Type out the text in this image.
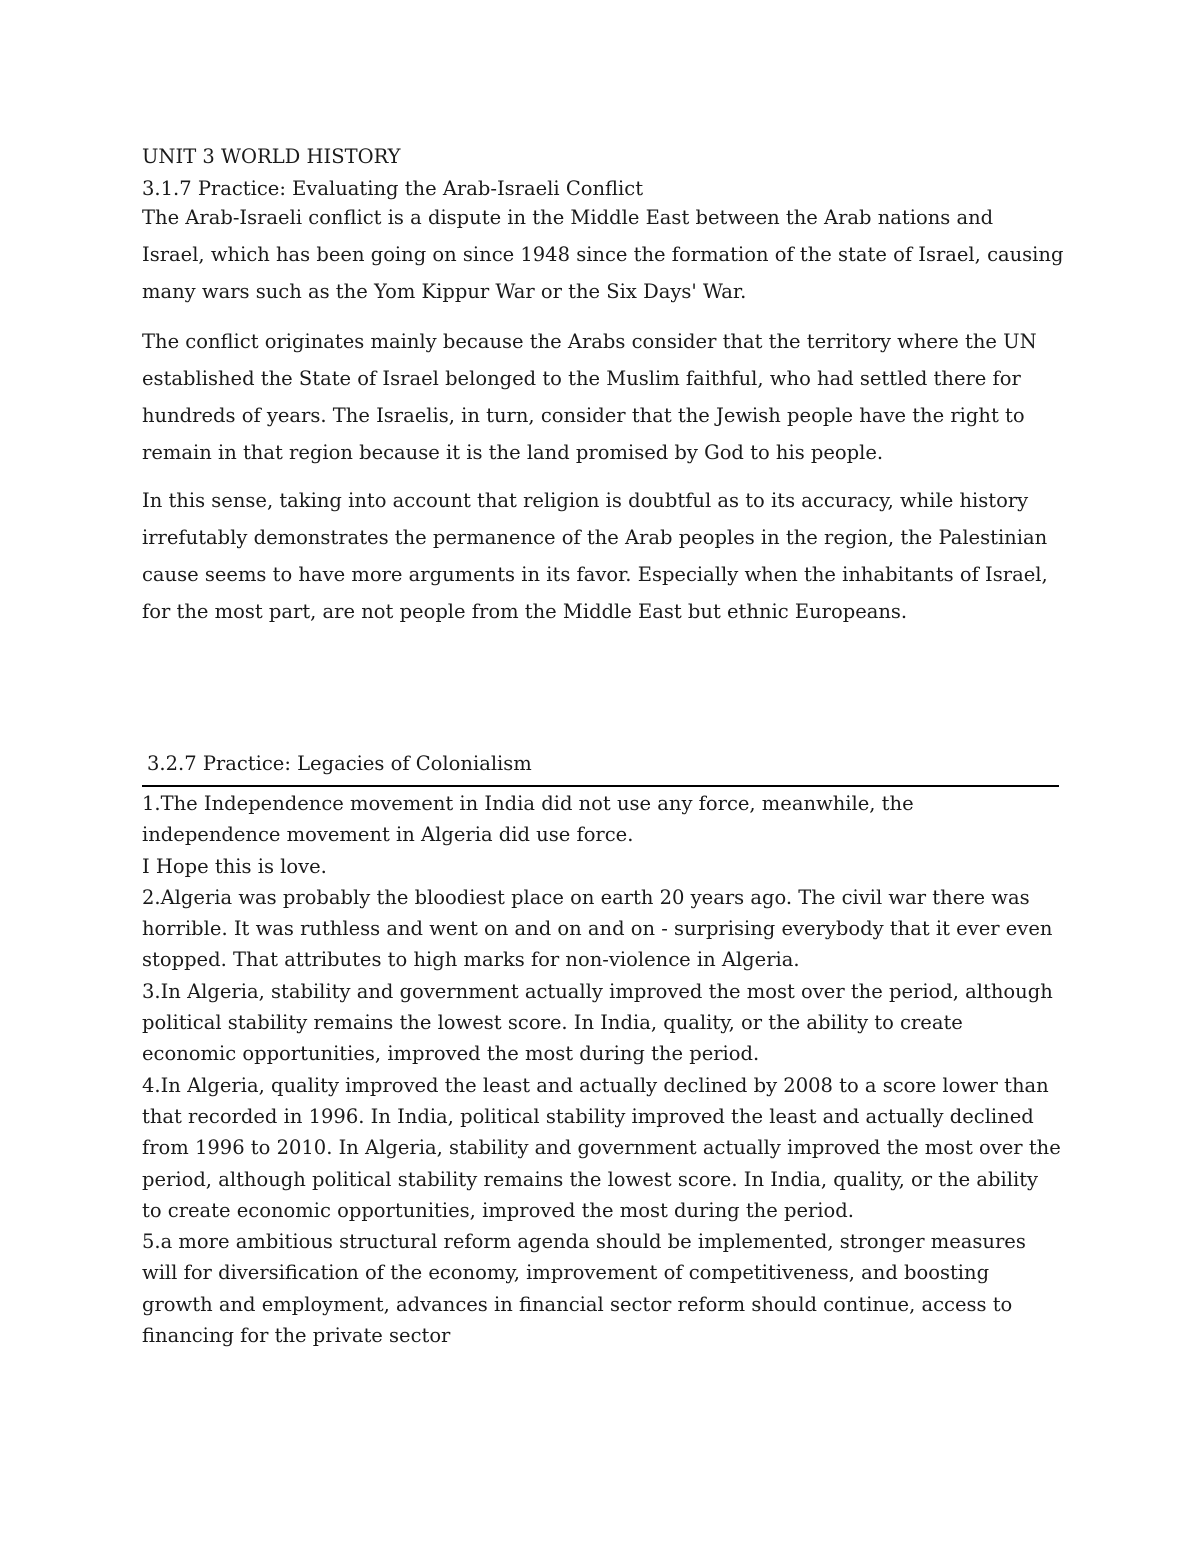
UNIT 3 WORLD HISTORY
3.1.7 Practice: Evaluating the Arab-Israeli Conflict
The Arab-Israeli conflict is a dispute in the Middle East between the Arab nations and
Israel, which has been going on since 1948 since the formation of the state of Israel, causing
many wars such as the Yom Kippur War or the Six Days' War.
The conflict originates mainly because the Arabs consider that the territory where the UN
established the State of Israel belonged to the Muslim faithful, who had settled there for
hundreds of years. The Israelis, in turn, consider that the Jewish people have the right to
remain in that region because it is the land promised by God to his people.
In this sense, taking into account that religion is doubtful as to its accuracy, while history
irrefutably demonstrates the permanence of the Arab peoples in the region, the Palestinian
cause seems to have more arguments in its favor. Especially when the inhabitants of Israel,
for the most part, are not people from the Middle East but ethnic Europeans.
3.2.7 Practice: Legacies of Colonialism
1.The Independence movement in India did not use any force, meanwhile, the
independence movement in Algeria did use force.
I Hope this is love.
2.Algeria was probably the bloodiest place on earth 20 years ago. The civil war there was
horrible. It was ruthless and went on and on and on - surprising everybody that it ever even
stopped. That attributes to high marks for non-violence in Algeria.
3.In Algeria, stability and government actually improved the most over the period, although
political stability remains the lowest score. In India, quality, or the ability to create
economic opportunities, improved the most during the period.
4.In Algeria, quality improved the least and actually declined by 2008 to a score lower than
that recorded in 1996. In India, political stability improved the least and actually declined
from 1996 to 2010. In Algeria, stability and government actually improved the most over the
period, although political stability remains the lowest score. In India, quality, or the ability
to create economic opportunities, improved the most during the period.
5.a more ambitious structural reform agenda should be implemented, stronger measures
will for diversification of the economy, improvement of competitiveness, and boosting
growth and employment, advances in financial sector reform should continue, access to
financing for the private sector
